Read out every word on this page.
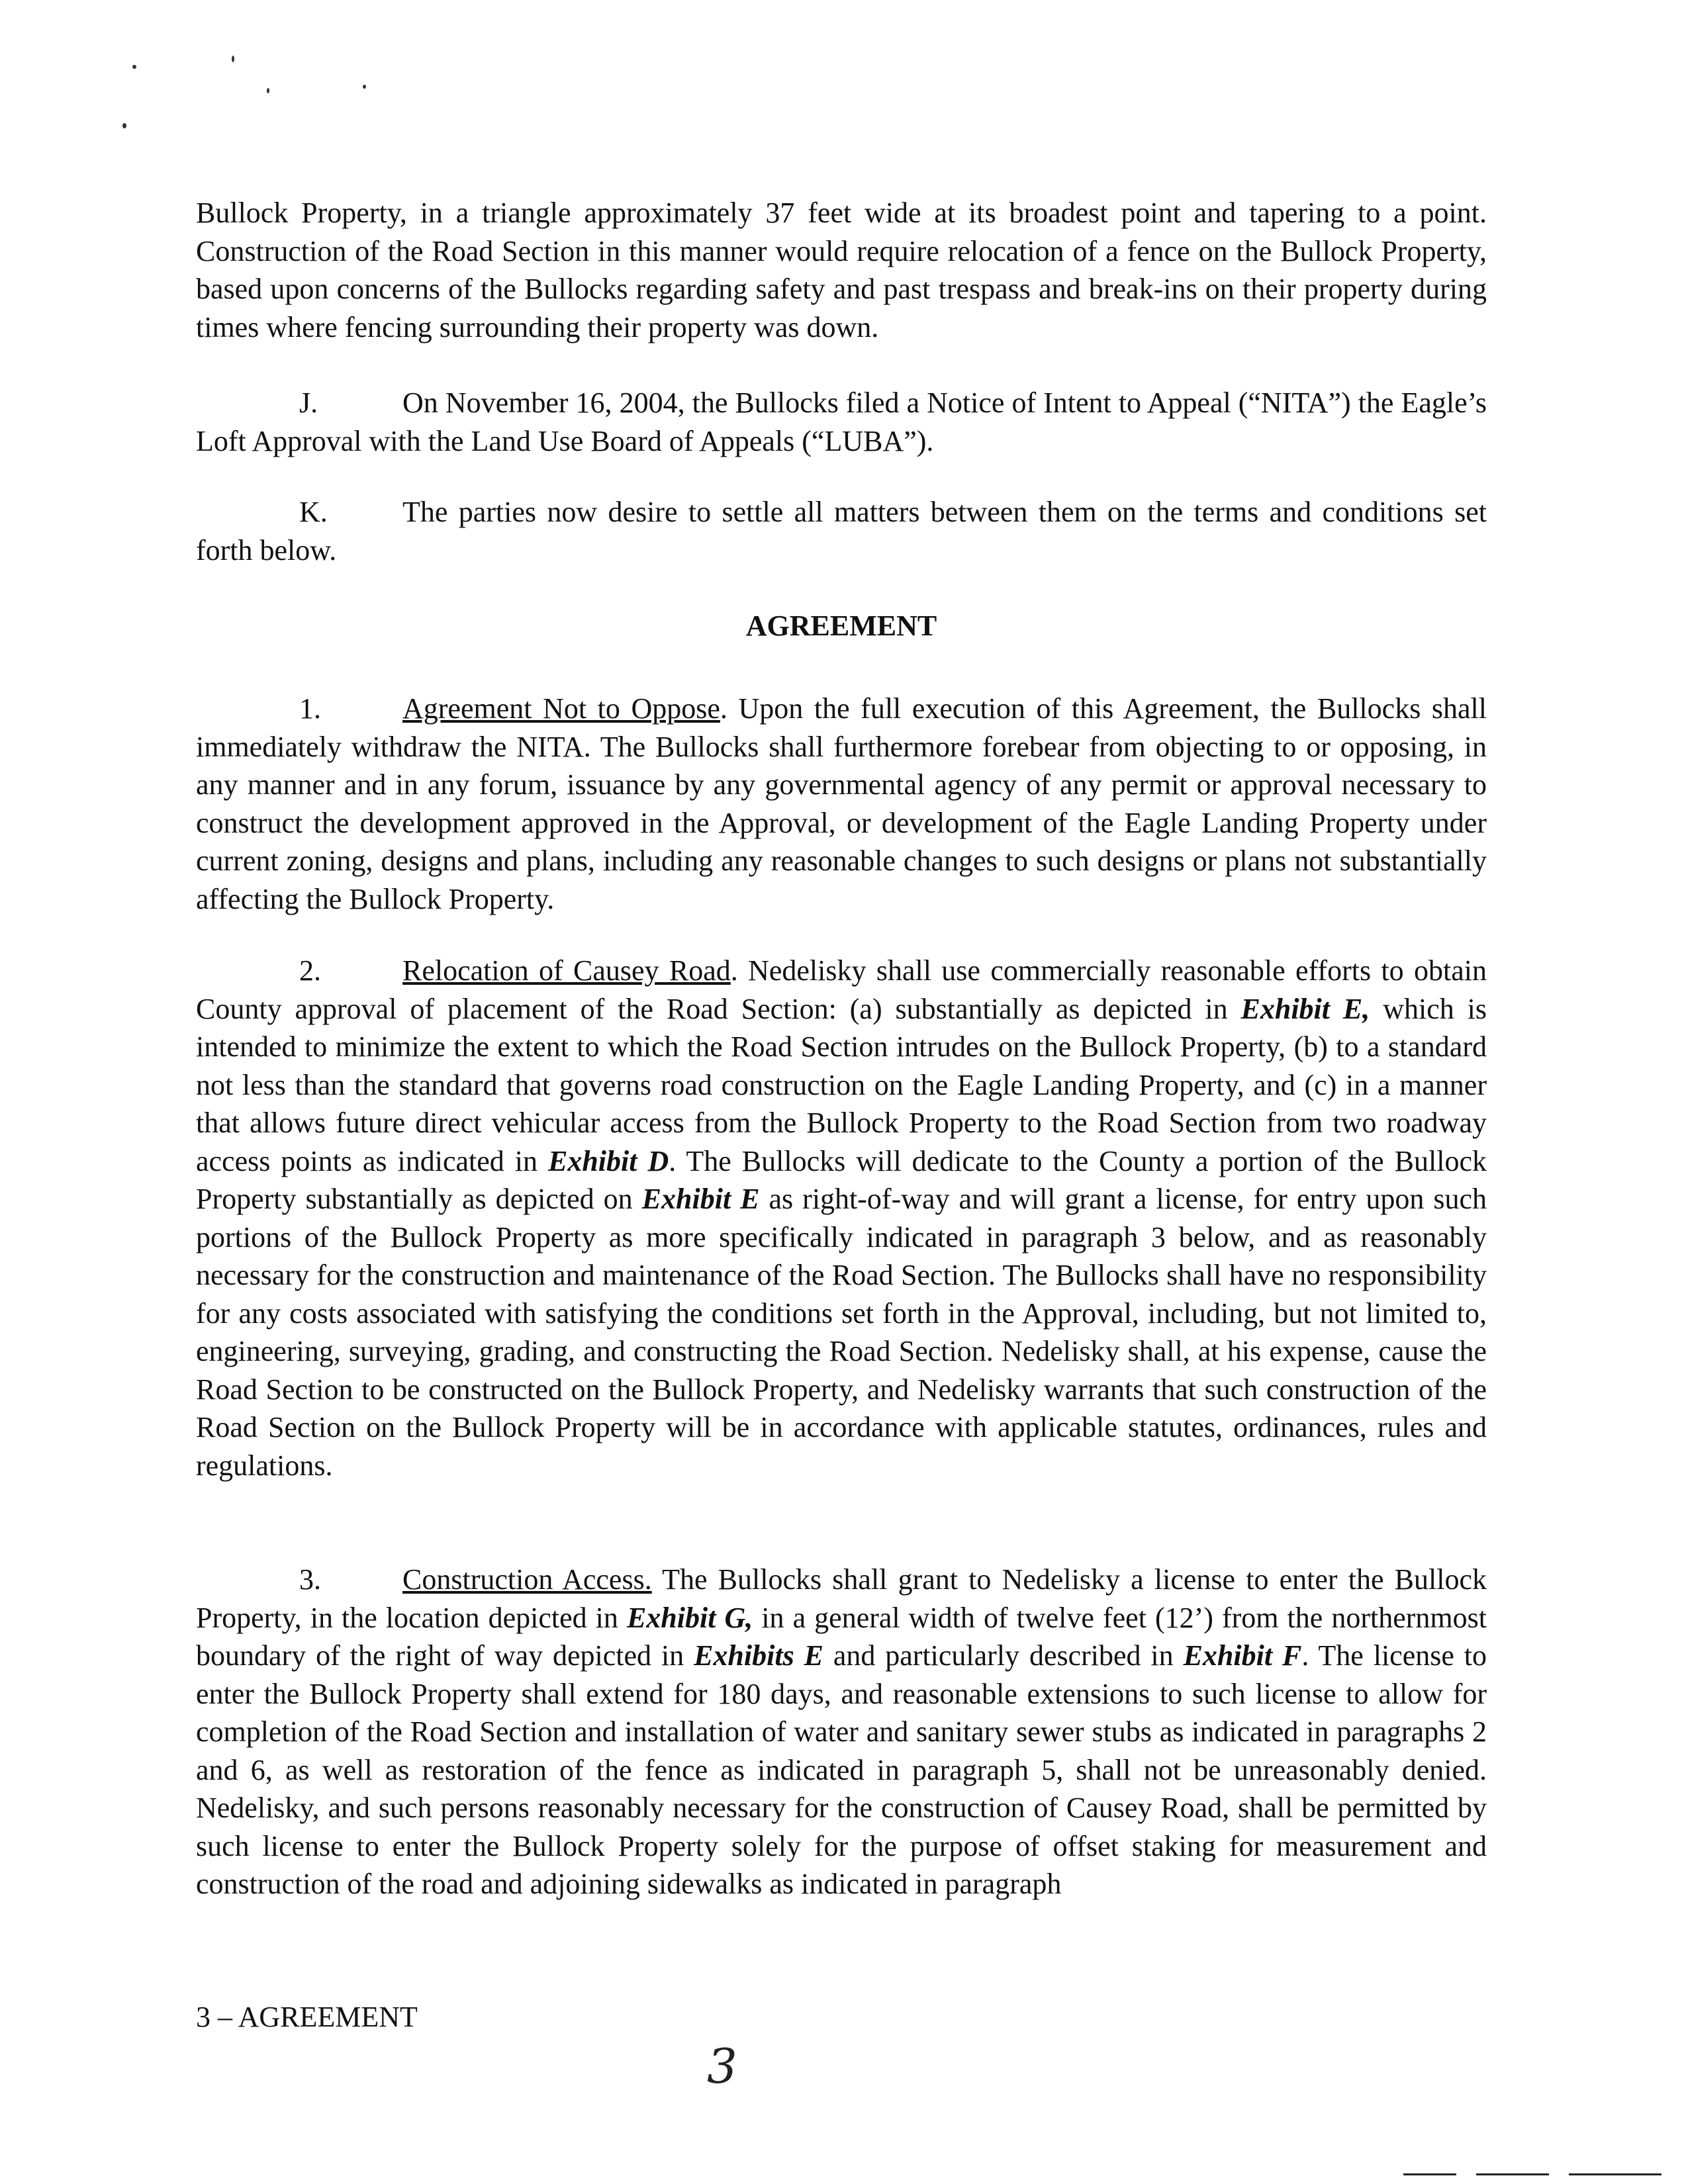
Bullock Property, in a triangle approximately 37 feet wide at its broadest point and tapering to a point. Construction of the Road Section in this manner would require relocation of a fence on the Bullock Property, based upon concerns of the Bullocks regarding safety and past trespass and break-ins on their property during times where fencing surrounding their property was down.

J.	On November 16, 2004, the Bullocks filed a Notice of Intent to Appeal (“NITA”) the Eagle’s Loft Approval with the Land Use Board of Appeals (“LUBA”).

K.	The parties now desire to settle all matters between them on the terms and conditions set forth below.

AGREEMENT

1.	Agreement Not to Oppose. Upon the full execution of this Agreement, the Bullocks shall immediately withdraw the NITA. The Bullocks shall furthermore forebear from objecting to or opposing, in any manner and in any forum, issuance by any governmental agency of any permit or approval necessary to construct the development approved in the Approval, or development of the Eagle Landing Property under current zoning, designs and plans, including any reasonable changes to such designs or plans not substantially affecting the Bullock Property.

2.	Relocation of Causey Road. Nedelisky shall use commercially reasonable efforts to obtain County approval of placement of the Road Section: (a) substantially as depicted in Exhibit E, which is intended to minimize the extent to which the Road Section intrudes on the Bullock Property, (b) to a standard not less than the standard that governs road construction on the Eagle Landing Property, and (c) in a manner that allows future direct vehicular access from the Bullock Property to the Road Section from two roadway access points as indicated in Exhibit D. The Bullocks will dedicate to the County a portion of the Bullock Property substantially as depicted on Exhibit E as right-of-way and will grant a license, for entry upon such portions of the Bullock Property as more specifically indicated in paragraph 3 below, and as reasonably necessary for the construction and maintenance of the Road Section. The Bullocks shall have no responsibility for any costs associated with satisfying the conditions set forth in the Approval, including, but not limited to, engineering, surveying, grading, and constructing the Road Section. Nedelisky shall, at his expense, cause the Road Section to be constructed on the Bullock Property, and Nedelisky warrants that such construction of the Road Section on the Bullock Property will be in accordance with applicable statutes, ordinances, rules and regulations.

3.	Construction Access. The Bullocks shall grant to Nedelisky a license to enter the Bullock Property, in the location depicted in Exhibit G, in a general width of twelve feet (12’) from the northernmost boundary of the right of way depicted in Exhibits E and particularly described in Exhibit F. The license to enter the Bullock Property shall extend for 180 days, and reasonable extensions to such license to allow for completion of the Road Section and installation of water and sanitary sewer stubs as indicated in paragraphs 2 and 6, as well as restoration of the fence as indicated in paragraph 5, shall not be unreasonably denied. Nedelisky, and such persons reasonably necessary for the construction of Causey Road, shall be permitted by such license to enter the Bullock Property solely for the purpose of offset staking for measurement and construction of the road and adjoining sidewalks as indicated in paragraph

3 – AGREEMENT
3
